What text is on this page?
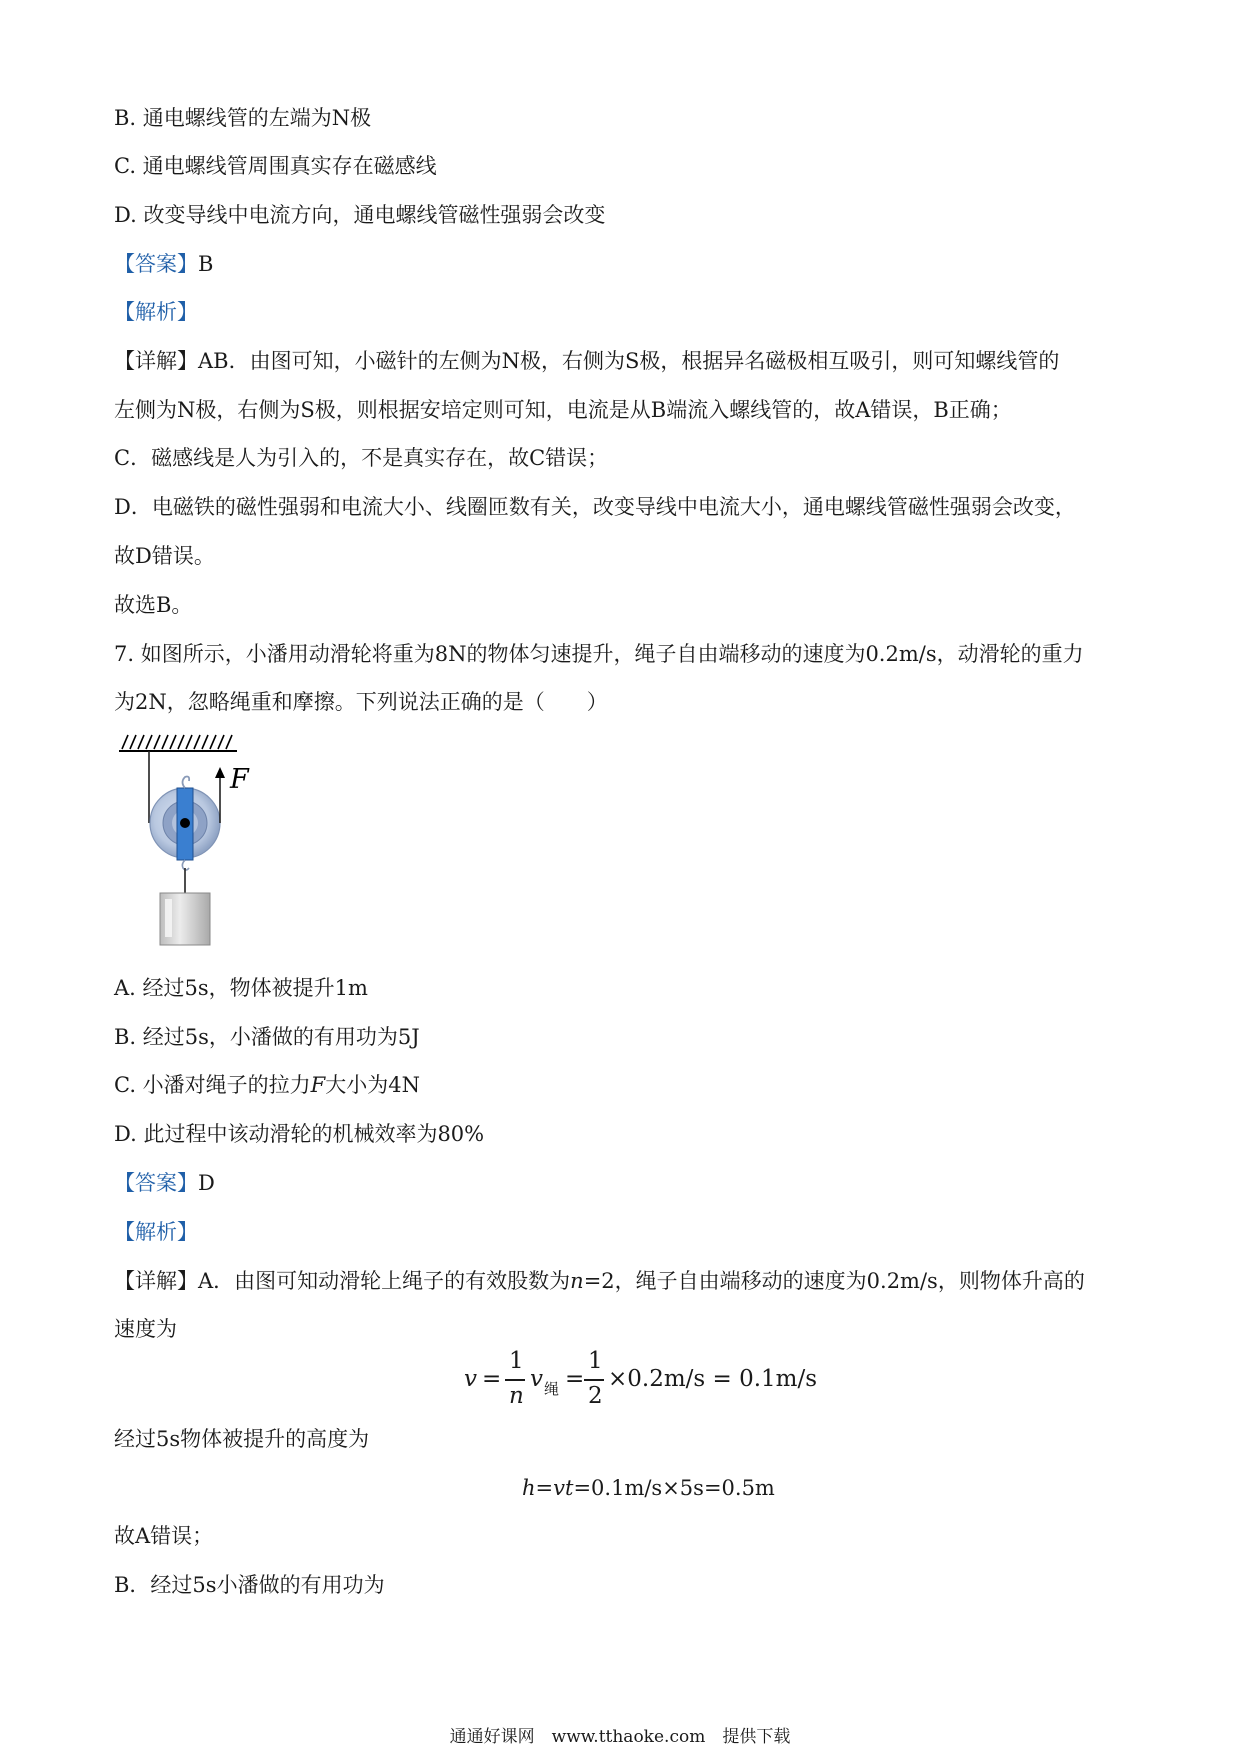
B. 通电螺线管的左端为N极
C. 通电螺线管周围真实存在磁感线
D. 改变导线中电流方向，通电螺线管磁性强弱会改变
【答案】B
【解析】
【详解】AB．由图可知，小磁针的左侧为N极，右侧为S极，根据异名磁极相互吸引，则可知螺线管的
左侧为N极，右侧为S极，则根据安培定则可知，电流是从B端流入螺线管的，故A错误，B正确；
C．磁感线是人为引入的，不是真实存在，故C错误；
D．电磁铁的磁性强弱和电流大小、线圈匝数有关，改变导线中电流大小，通电螺线管磁性强弱会改变，
故D错误。
故选B。
7. 如图所示，小潘用动滑轮将重为8N的物体匀速提升，绳子自由端移动的速度为0.2m/s，动滑轮的重力
为2N，忽略绳重和摩擦。下列说法正确的是（　　）
F
A. 经过5s，物体被提升1m
B. 经过5s，小潘做的有用功为5J
C. 小潘对绳子的拉力F大小为4N
D. 此过程中该动滑轮的机械效率为80%
【答案】D
【解析】
【详解】A．由图可知动滑轮上绳子的有效股数为n=2，绳子自由端移动的速度为0.2m/s，则物体升高的
速度为
v =
1
n
v 绳 =
1
2
×0.2m/s = 0.1m/s
经过5s物体被提升的高度为
h=vt=0.1m/s×5s=0.5m
故A错误；
B．经过5s小潘做的有用功为
通通好课网　www.tthaoke.com　提供下载
